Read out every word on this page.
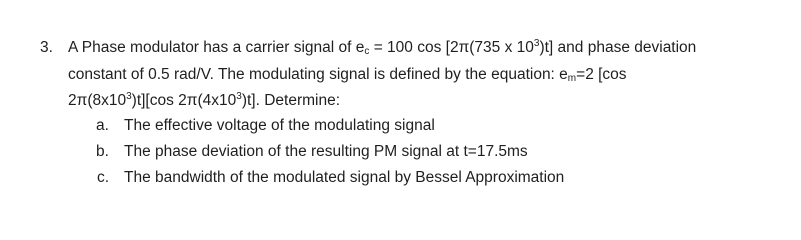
3. A Phase modulator has a carrier signal of $e_c = 100$ cos [2π(735 x $10^3)t$] and phase deviation
constant of 0.5 rad/V. The modulating signal is defined by the equation: $e_m=2$ [cos
$2\pi(8x10^3)t][\cos$ $2\pi(4x10^3)t$]. Determine:
a. The effective voltage of the modulating signal
b. The phase deviation of the resulting PM signal at t=17.5ms
c. The bandwidth of the modulated signal by Bessel Approximation
